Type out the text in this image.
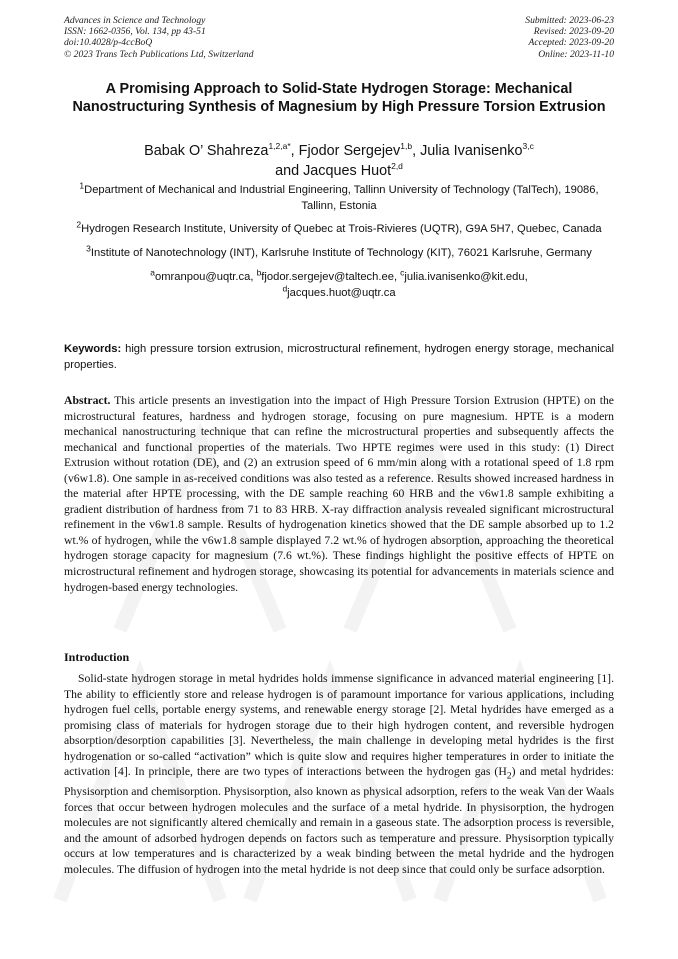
Advances in Science and Technology
ISSN: 1662-0356, Vol. 134, pp 43-51
doi:10.4028/p-4ccBoQ
© 2023 Trans Tech Publications Ltd, Switzerland
Submitted: 2023-06-23
Revised: 2023-09-20
Accepted: 2023-09-20
Online: 2023-11-10
A Promising Approach to Solid-State Hydrogen Storage: Mechanical Nanostructuring Synthesis of Magnesium by High Pressure Torsion Extrusion
Babak O’ Shahreza$^{1,2,a*}$, Fjodor Sergejev$^{1,b}$, Julia Ivanisenko$^{3,c}$
and Jacques Huot$^{2,d}$

$^1$Department of Mechanical and Industrial Engineering, Tallinn University of Technology (TalTech), 19086, Tallinn, Estonia

$^2$Hydrogen Research Institute, University of Quebec at Trois-Rivieres (UQTR), G9A 5H7, Quebec, Canada

$^3$Institute of Nanotechnology (INT), Karlsruhe Institute of Technology (KIT), 76021 Karlsruhe, Germany

$^a$omranpou@uqtr.ca, $^b$fjodor.sergejev@taltech.ee, $^c$julia.ivanisenko@kit.edu,
$^d$jacques.huot@uqtr.ca

Keywords: high pressure torsion extrusion, microstructural refinement, hydrogen energy storage, mechanical properties.
Abstract. This article presents an investigation into the impact of High Pressure Torsion Extrusion (HPTE) on the microstructural features, hardness and hydrogen storage, focusing on pure magnesium. HPTE is a modern mechanical nanostructuring technique that can refine the microstructural properties and subsequently affects the mechanical and functional properties of the materials. Two HPTE regimes were used in this study: (1) Direct Extrusion without rotation (DE), and (2) an extrusion speed of 6 mm/min along with a rotational speed of 1.8 rpm (v6w1.8). One sample in as-received conditions was also tested as a reference. Results showed increased hardness in the material after HPTE processing, with the DE sample reaching 60 HRB and the v6w1.8 sample exhibiting a gradient distribution of hardness from 71 to 83 HRB. X-ray diffraction analysis revealed significant microstructural refinement in the v6w1.8 sample. Results of hydrogenation kinetics showed that the DE sample absorbed up to 1.2 wt.% of hydrogen, while the v6w1.8 sample displayed 7.2 wt.% of hydrogen absorption, approaching the theoretical hydrogen storage capacity for magnesium (7.6 wt.%). These findings highlight the positive effects of HPTE on microstructural refinement and hydrogen storage, showcasing its potential for advancements in materials science and hydrogen-based energy technologies.
Introduction

Solid-state hydrogen storage in metal hydrides holds immense significance in advanced material engineering [1]. The ability to efficiently store and release hydrogen is of paramount importance for various applications, including hydrogen fuel cells, portable energy systems, and renewable energy storage [2]. Metal hydrides have emerged as a promising class of materials for hydrogen storage due to their high hydrogen content, and reversible hydrogen absorption/desorption capabilities [3]. Nevertheless, the main challenge in developing metal hydrides is the first hydrogenation or so-called “activation” which is quite slow and requires higher temperatures in order to initiate the activation [4]. In principle, there are two types of interactions between the hydrogen gas $(H_2)$ and metal hydrides: Physisorption and chemisorption. Physisorption, also known as physical adsorption, refers to the weak Van der Waals forces that occur between hydrogen molecules and the surface of a metal hydride. In physisorption, the hydrogen molecules are not significantly altered chemically and remain in a gaseous state. The adsorption process is reversible, and the amount of adsorbed hydrogen depends on factors such as temperature and pressure. Physisorption typically occurs at low temperatures and is characterized by a weak binding between the metal hydride and the hydrogen molecules. The diffusion of hydrogen into the metal hydride is not deep since that could only be surface adsorption.
